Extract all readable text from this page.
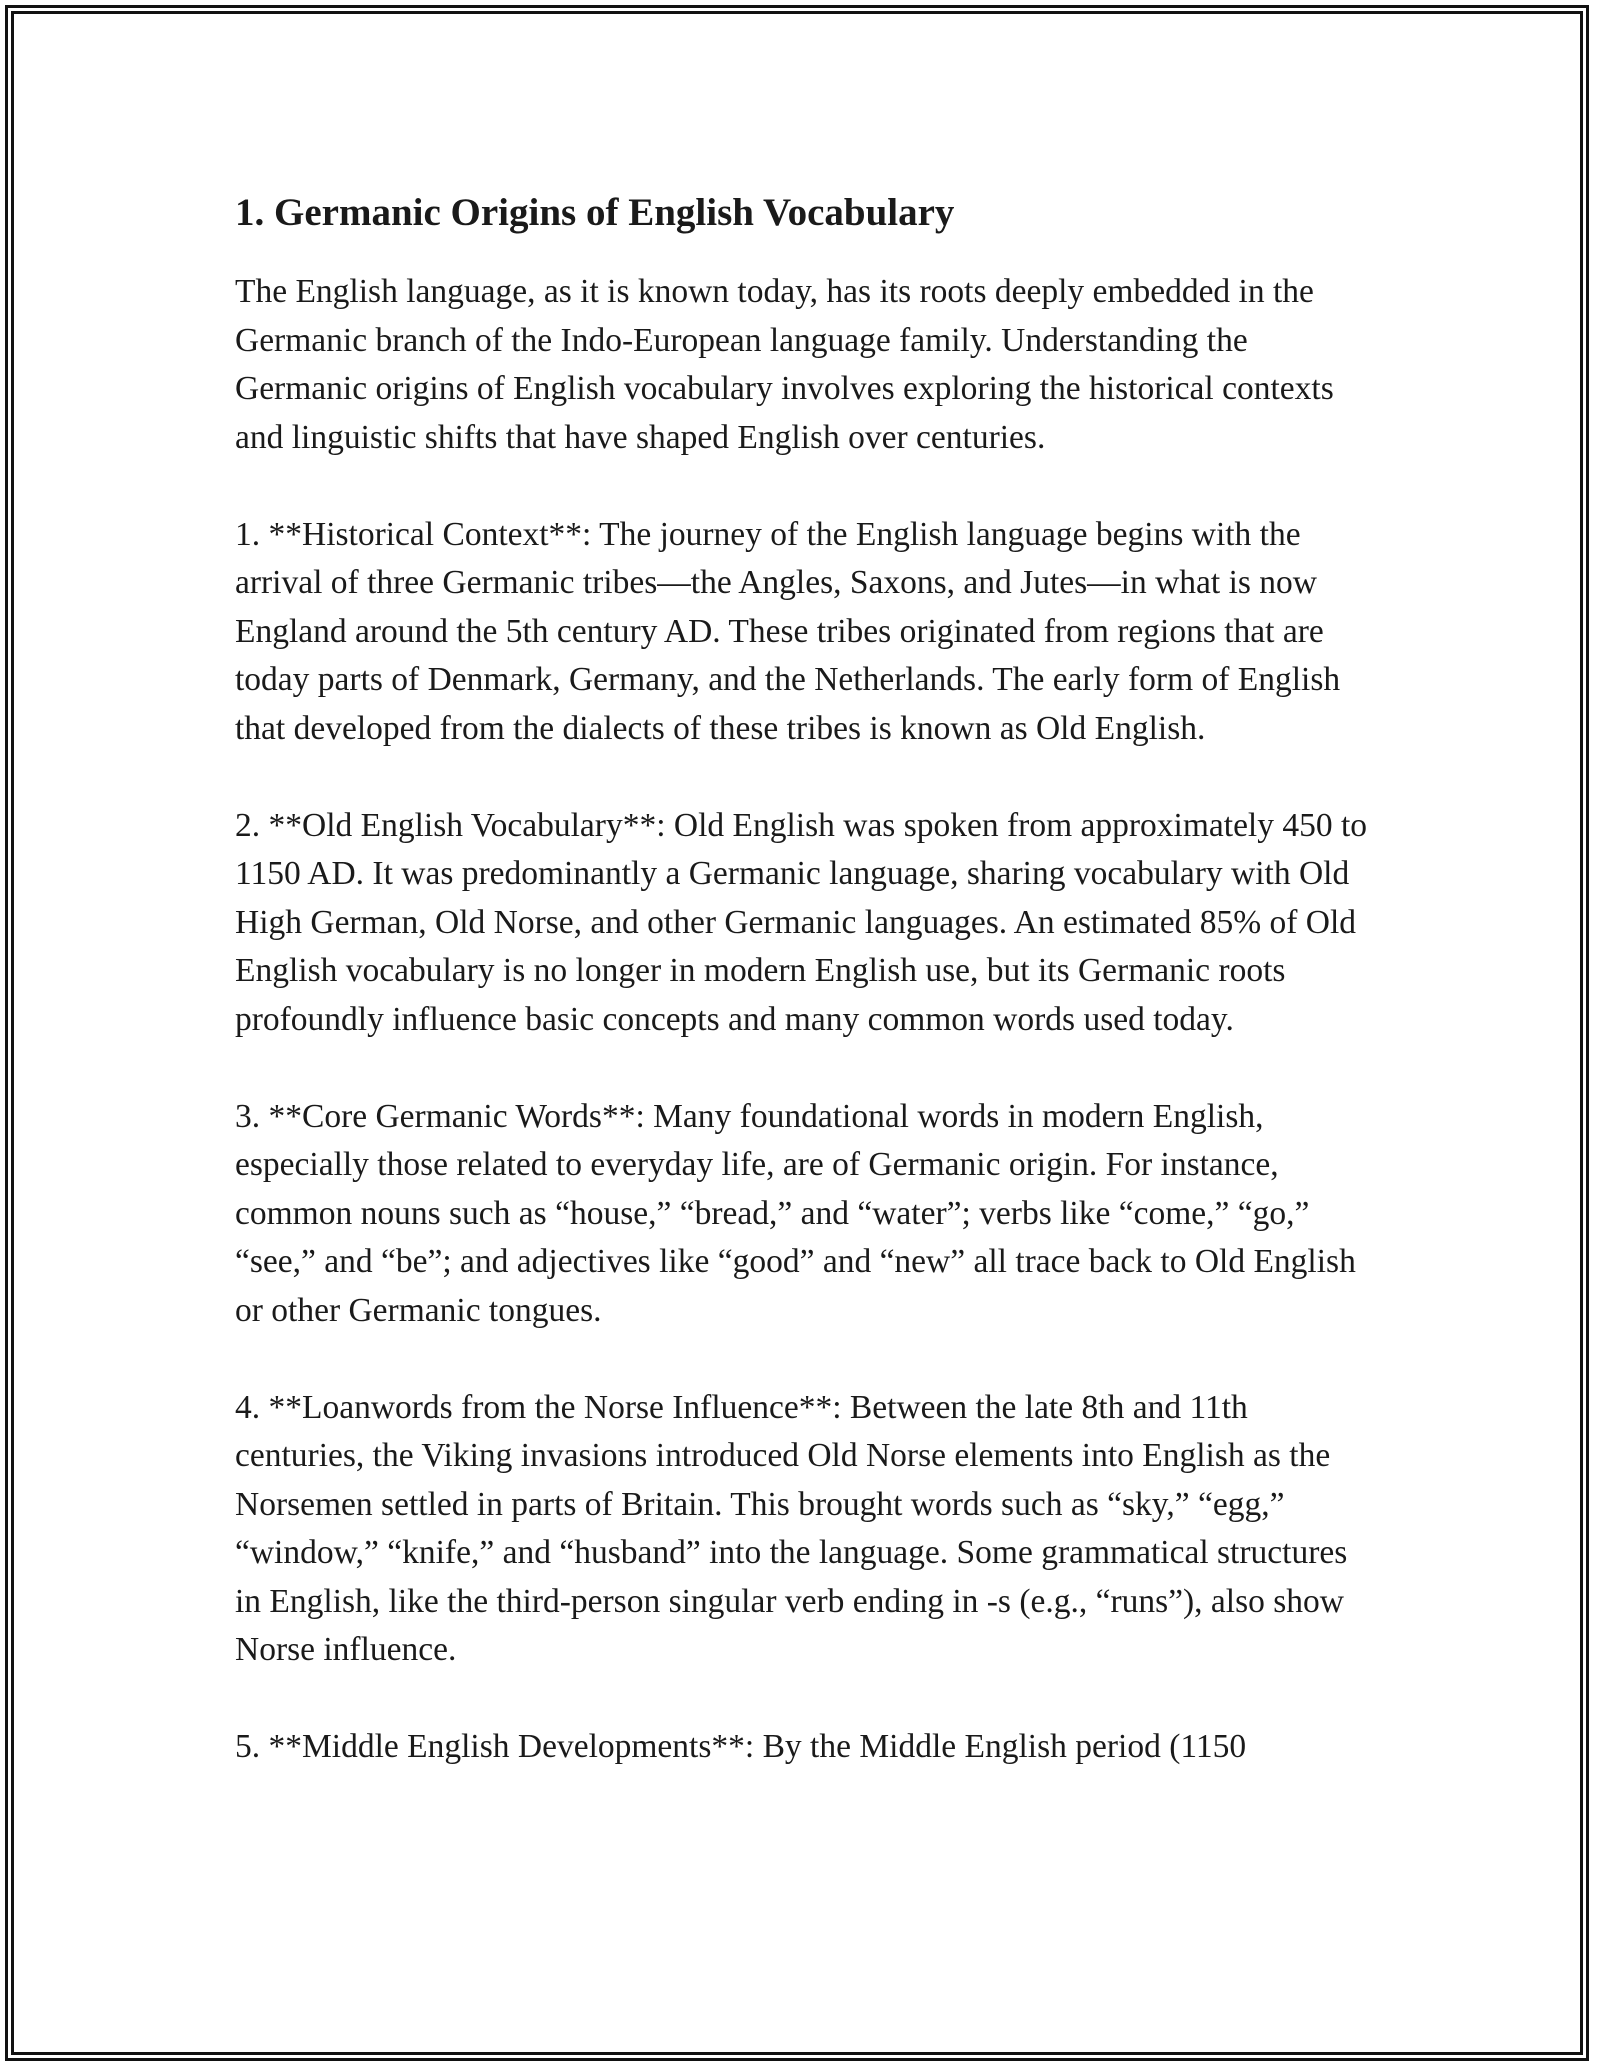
1. Germanic Origins of English Vocabulary

The English language, as it is known today, has its roots deeply embedded in the Germanic branch of the Indo-European language family. Understanding the Germanic origins of English vocabulary involves exploring the historical contexts and linguistic shifts that have shaped English over centuries.

1. **Historical Context**: The journey of the English language begins with the arrival of three Germanic tribes—the Angles, Saxons, and Jutes—in what is now England around the 5th century AD. These tribes originated from regions that are today parts of Denmark, Germany, and the Netherlands. The early form of English that developed from the dialects of these tribes is known as Old English.

2. **Old English Vocabulary**: Old English was spoken from approximately 450 to 1150 AD. It was predominantly a Germanic language, sharing vocabulary with Old High German, Old Norse, and other Germanic languages. An estimated 85% of Old English vocabulary is no longer in modern English use, but its Germanic roots profoundly influence basic concepts and many common words used today.

3. **Core Germanic Words**: Many foundational words in modern English, especially those related to everyday life, are of Germanic origin. For instance, common nouns such as “house,” “bread,” and “water”; verbs like “come,” “go,” “see,” and “be”; and adjectives like “good” and “new” all trace back to Old English or other Germanic tongues.

4. **Loanwords from the Norse Influence**: Between the late 8th and 11th centuries, the Viking invasions introduced Old Norse elements into English as the Norsemen settled in parts of Britain. This brought words such as “sky,” “egg,” “window,” “knife,” and “husband” into the language. Some grammatical structures in English, like the third-person singular verb ending in -s (e.g., “runs”), also show Norse influence.

5. **Middle English Developments**: By the Middle English period (1150
